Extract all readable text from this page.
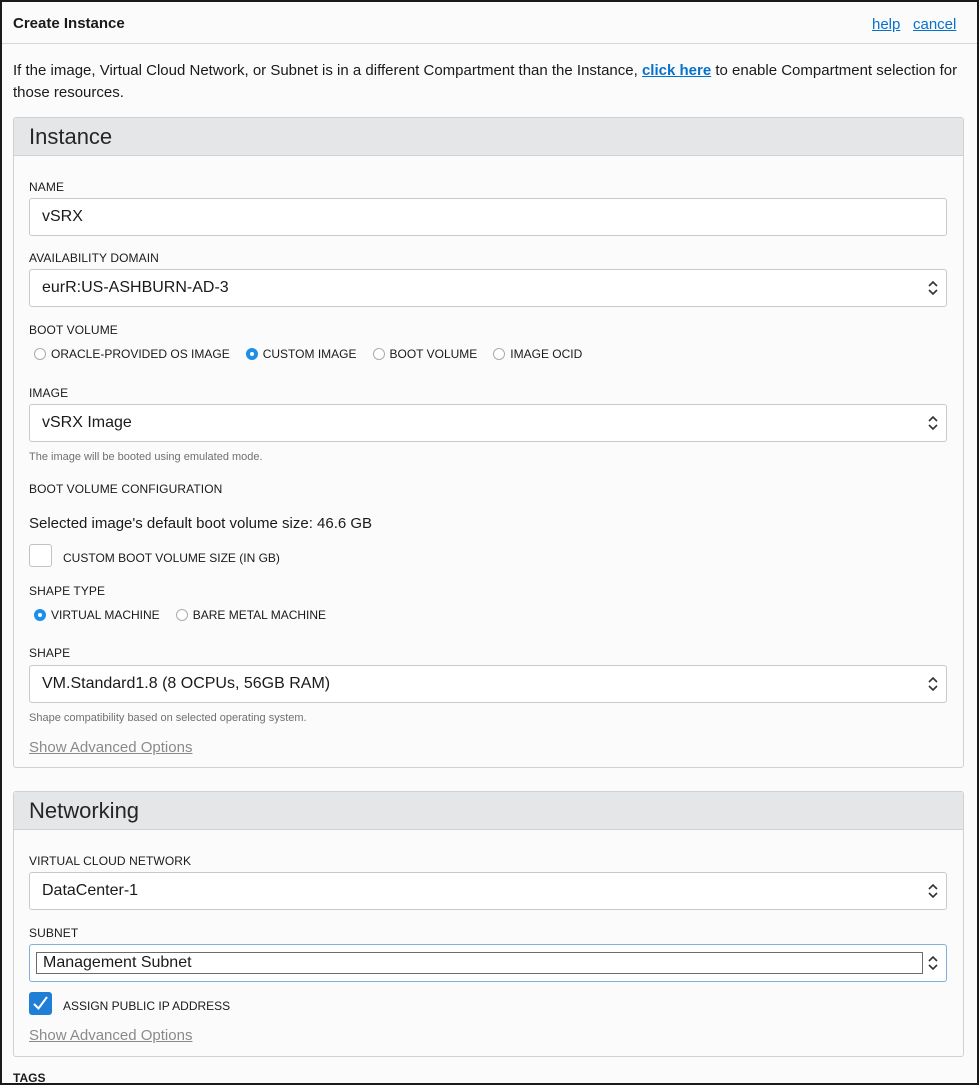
Create Instance	help cancel
If the image, Virtual Cloud Network, or Subnet is in a different Compartment than the Instance, click here to enable Compartment selection for those resources.
Instance
NAME
vSRX
AVAILABILITY DOMAIN
eurR:US-ASHBURN-AD-3
BOOT VOLUME
ORACLE-PROVIDED OS IMAGE	CUSTOM IMAGE	BOOT VOLUME	IMAGE OCID
IMAGE
vSRX Image
The image will be booted using emulated mode.
BOOT VOLUME CONFIGURATION
Selected image's default boot volume size: 46.6 GB
CUSTOM BOOT VOLUME SIZE (IN GB)
SHAPE TYPE
VIRTUAL MACHINE	BARE METAL MACHINE
SHAPE
VM.Standard1.8 (8 OCPUs, 56GB RAM)
Shape compatibility based on selected operating system.
Show Advanced Options
Networking
VIRTUAL CLOUD NETWORK
DataCenter-1
SUBNET
Management Subnet
ASSIGN PUBLIC IP ADDRESS
Show Advanced Options
TAGS
